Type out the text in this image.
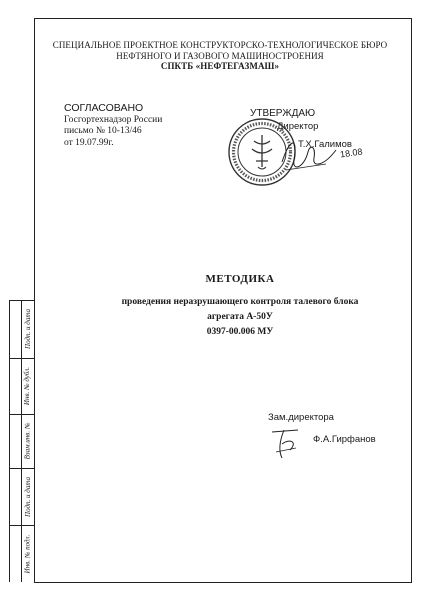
СПЕЦИАЛЬНОЕ ПРОЕКТНОЕ КОНСТРУКТОРСКО-ТЕХНОЛОГИЧЕСКОЕ БЮРО
НЕФТЯНОГО И ГАЗОВОГО МАШИНОСТРОЕНИЯ
СПКТБ «НЕФТЕГАЗМАШ»
СОГЛАСОВАНО
Госгортехнадзор России
письмо № 10-13/46
от 19.07.99г.
УТВЕРЖДАЮ
Директор
Т.Х.Галимов
18.08
МЕТОДИКА
проведения неразрушающего контроля талевого блока
агрегата А-50У
0397-00.006 МУ
Зам.директора
Ф.А.Гирфанов
Подп. и дата
Инв. № дубл.
Взам.инв. №
Подп. и дата
Инв. № подл.
